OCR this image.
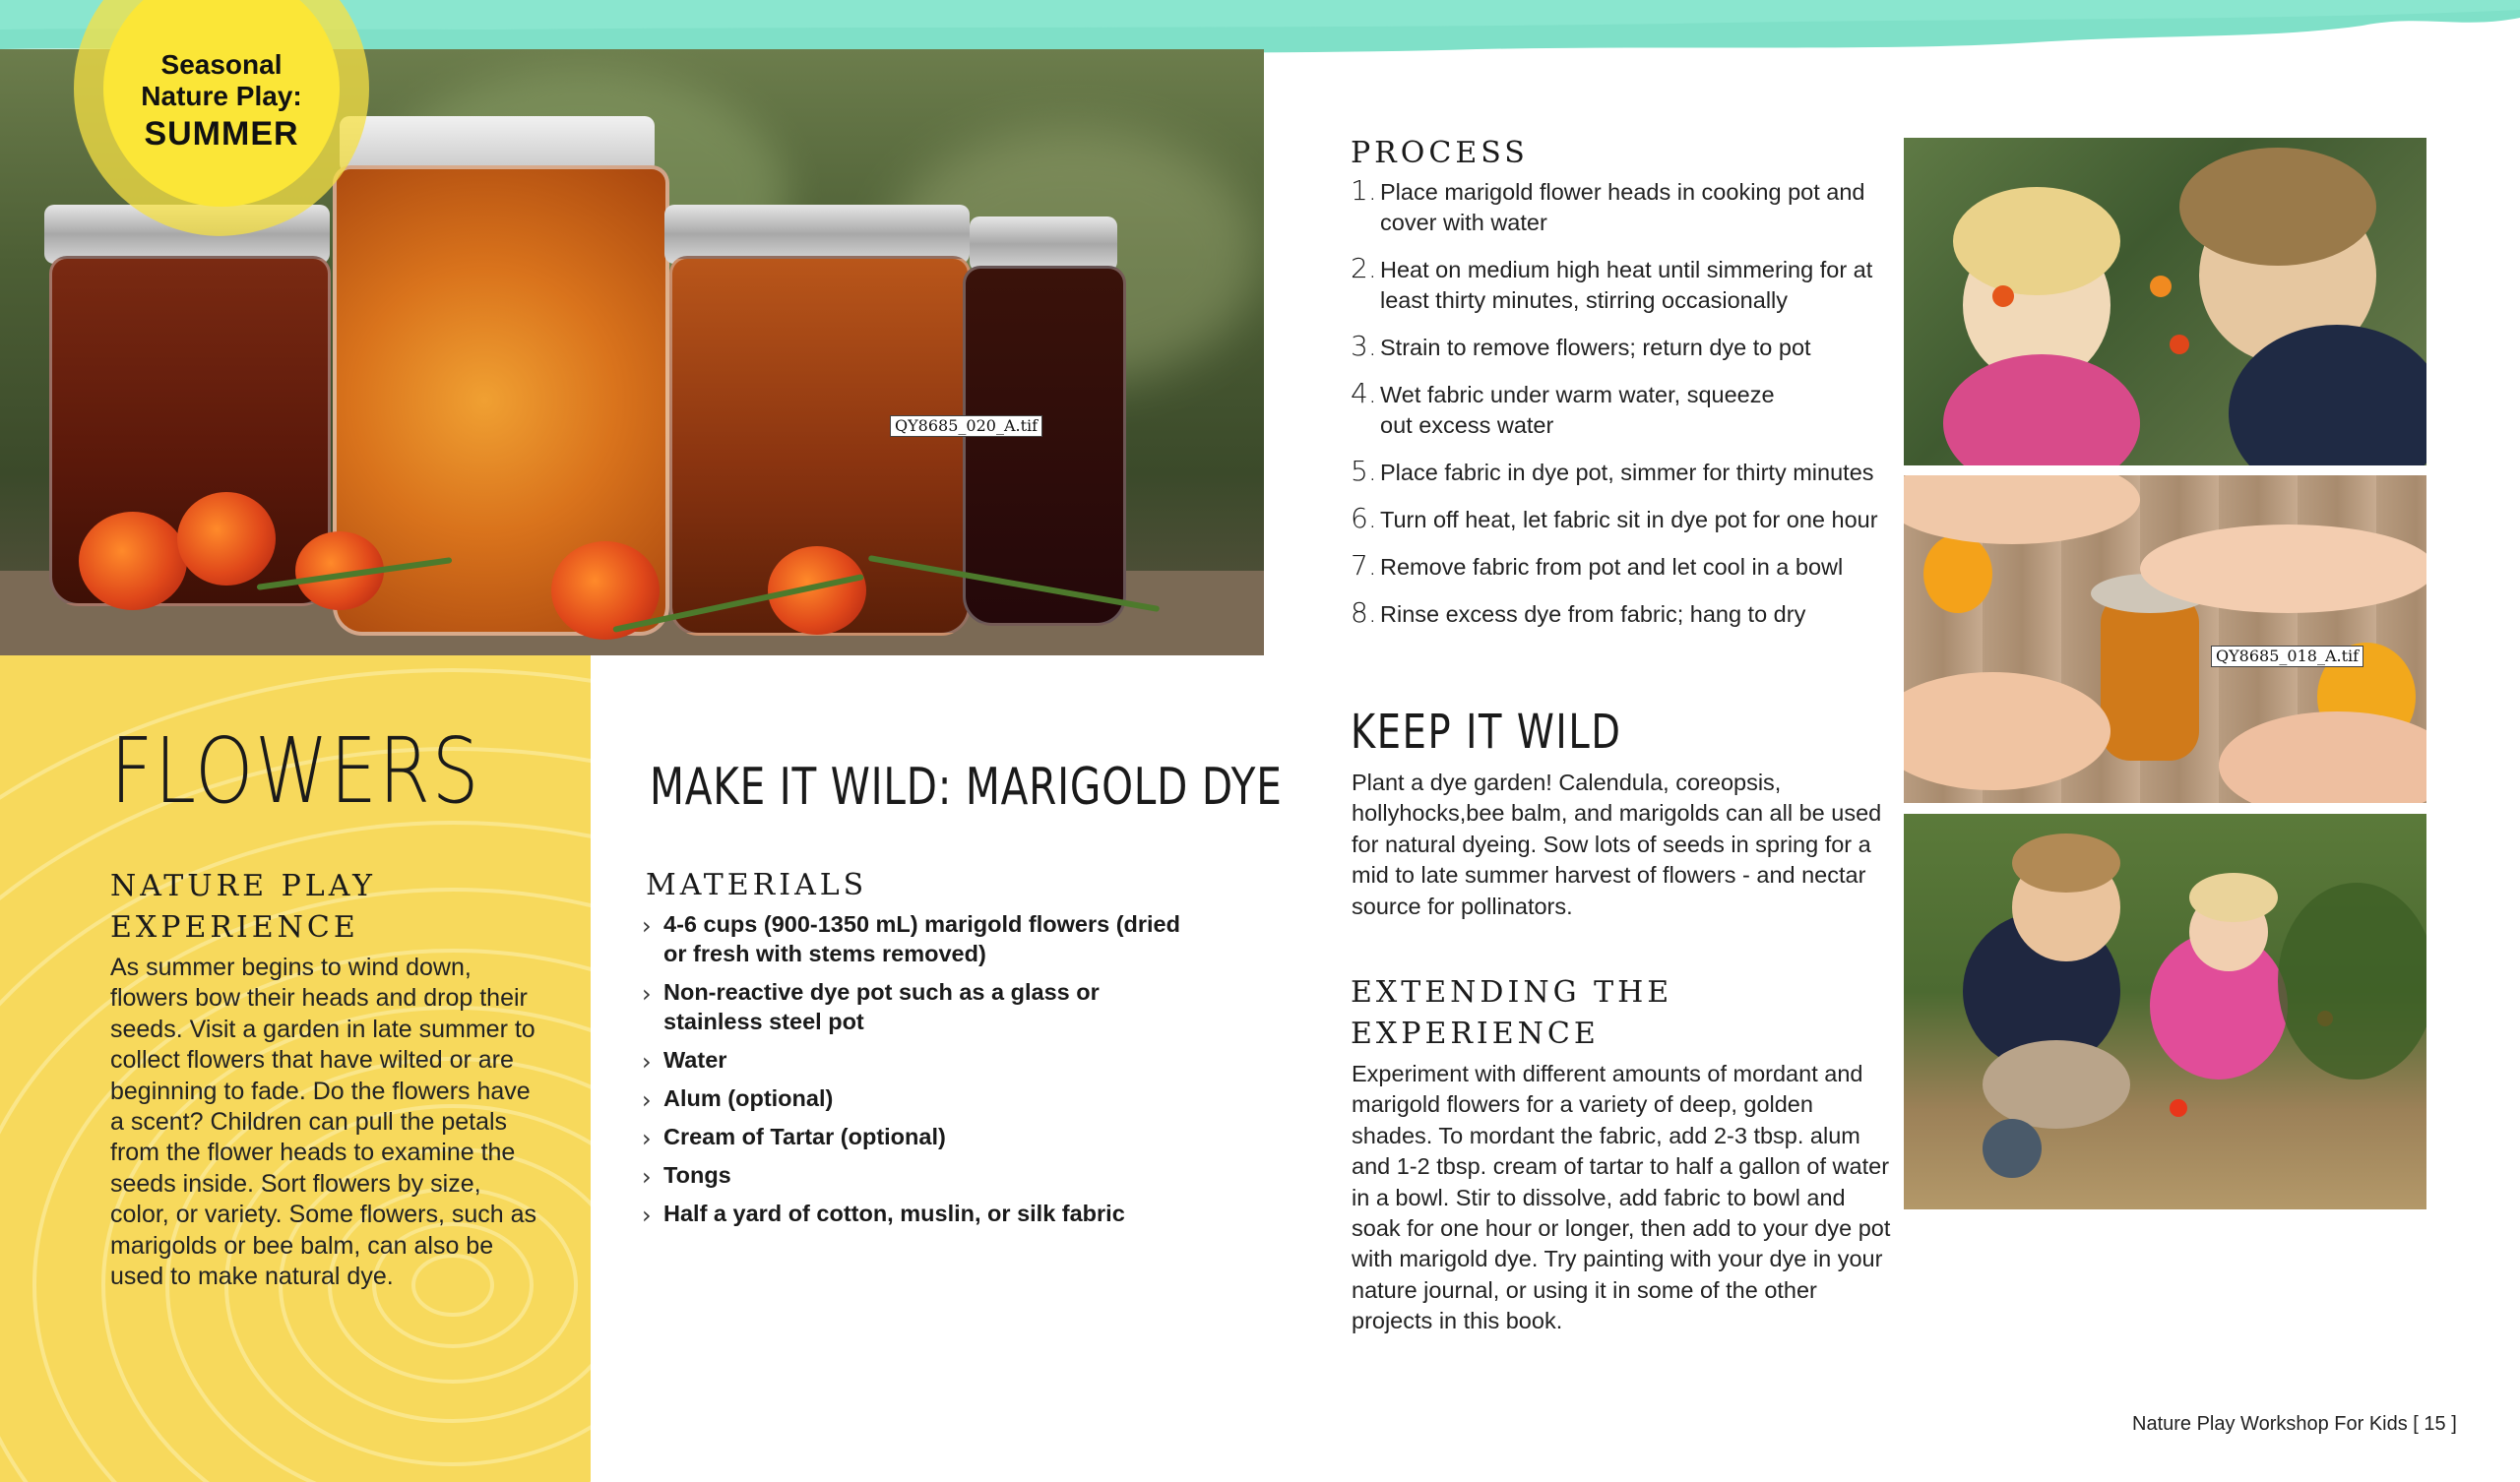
QY8685_020_A.tif
Seasonal
Nature Play:
SUMMER
FLOWERS
NATURE PLAY EXPERIENCE
As summer begins to wind down, flowers bow their heads and drop their seeds. Visit a garden in late summer to collect flowers that have wilted or are beginning to fade. Do the flowers have a scent? Children can pull the petals from the flower heads to examine the seeds inside. Sort flowers by size, color, or variety. Some flowers, such as marigolds or bee balm, can also be used to make natural dye.
MAKE IT WILD: MARIGOLD DYE
MATERIALS
› 4-6 cups (900-1350 mL) marigold flowers (dried or fresh with stems removed)
› Non-reactive dye pot such as a glass or stainless steel pot
› Water
› Alum (optional)
› Cream of Tartar (optional)
› Tongs
› Half a yard of cotton, muslin, or silk fabric
PROCESS
1. Place marigold flower heads in cooking pot and cover with water
2. Heat on medium high heat until simmering for at least thirty minutes, stirring occasionally
3. Strain to remove flowers; return dye to pot
4. Wet fabric under warm water, squeeze out excess water
5. Place fabric in dye pot, simmer for thirty minutes
6. Turn off heat, let fabric sit in dye pot for one hour
7. Remove fabric from pot and let cool in a bowl
8. Rinse excess dye from fabric; hang to dry
KEEP IT WILD
Plant a dye garden! Calendula, coreopsis, hollyhocks,bee balm, and marigolds can all be used for natural dyeing. Sow lots of seeds in spring for a mid to late summer harvest of flowers - and nectar source for pollinators.
EXTENDING THE EXPERIENCE
Experiment with different amounts of mordant and marigold flowers for a variety of deep, golden shades. To mordant the fabric, add 2-3 tbsp. alum and 1-2 tbsp. cream of tartar to half a gallon of water in a bowl. Stir to dissolve, add fabric to bowl and soak for one hour or longer, then add to your dye pot with marigold dye. Try painting with your dye in your nature journal, or using it in some of the other projects in this book.
QY8685_018_A.tif
Nature Play Workshop For Kids [ 15 ]
